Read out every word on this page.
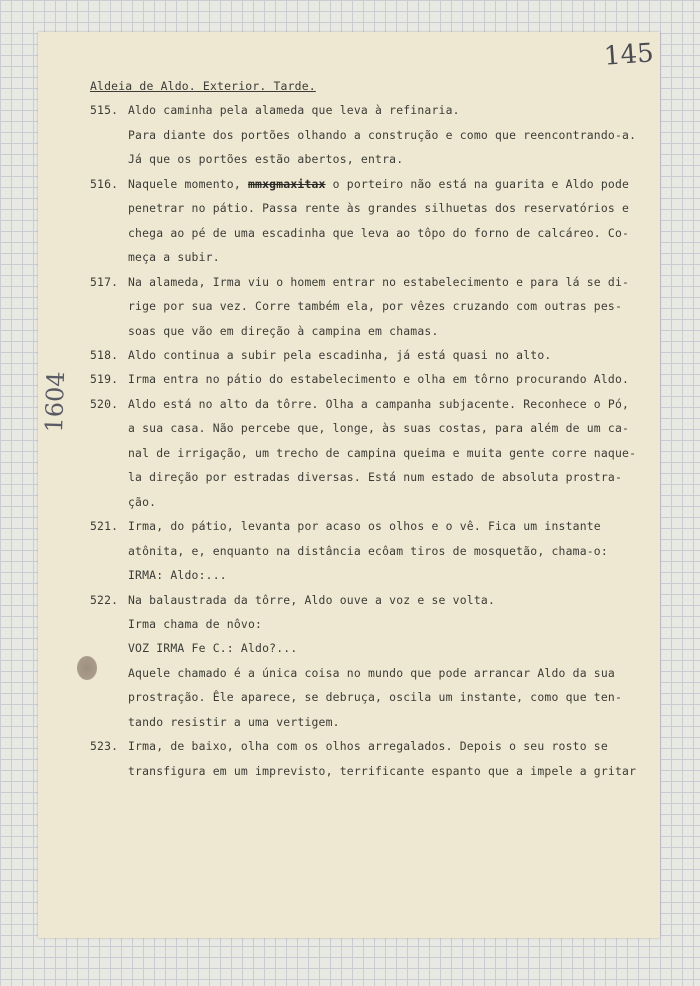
145
1604
Aldeia de Aldo. Exterior. Tarde.
515. Aldo caminha pela alameda que leva à refinaria.
Para diante dos portões olhando a construção e como que reencontrando-a.
Já que os portões estão abertos, entra.
516. Naquele momento, mmxgmaxitax o porteiro não está na guarita e Aldo pode
penetrar no pátio. Passa rente às grandes silhuetas dos reservatórios e
chega ao pé de uma escadinha que leva ao tôpo do forno de calcáreo. Co-
meça a subir.
517. Na alameda, Irma viu o homem entrar no estabelecimento e para lá se di-
rige por sua vez. Corre também ela, por vêzes cruzando com outras pes-
soas que vão em direção à campina em chamas.
518. Aldo continua a subir pela escadinha, já está quasi no alto.
519. Irma entra no pátio do estabelecimento e olha em tôrno procurando Aldo.
520. Aldo está no alto da tôrre. Olha a campanha subjacente. Reconhece o Pó,
a sua casa. Não percebe que, longe, às suas costas, para além de um ca-
nal de irrigação, um trecho de campina queima e muita gente corre naque-
la direção por estradas diversas. Está num estado de absoluta prostra-
ção.
521. Irma, do pátio, levanta por acaso os olhos e o vê. Fica um instante
atônita, e, enquanto na distância ecôam tiros de mosquetão, chama-o:
IRMA: Aldo:...
522. Na balaustrada da tôrre, Aldo ouve a voz e se volta.
Irma chama de nôvo:
VOZ IRMA Fe C.: Aldo?...
Aquele chamado é a única coisa no mundo que pode arrancar Aldo da sua
prostração. Êle aparece, se debruça, oscila um instante, como que ten-
tando resistir a uma vertigem.
523. Irma, de baixo, olha com os olhos arregalados. Depois o seu rosto se
transfigura em um imprevisto, terrificante espanto que a impele a gritar
